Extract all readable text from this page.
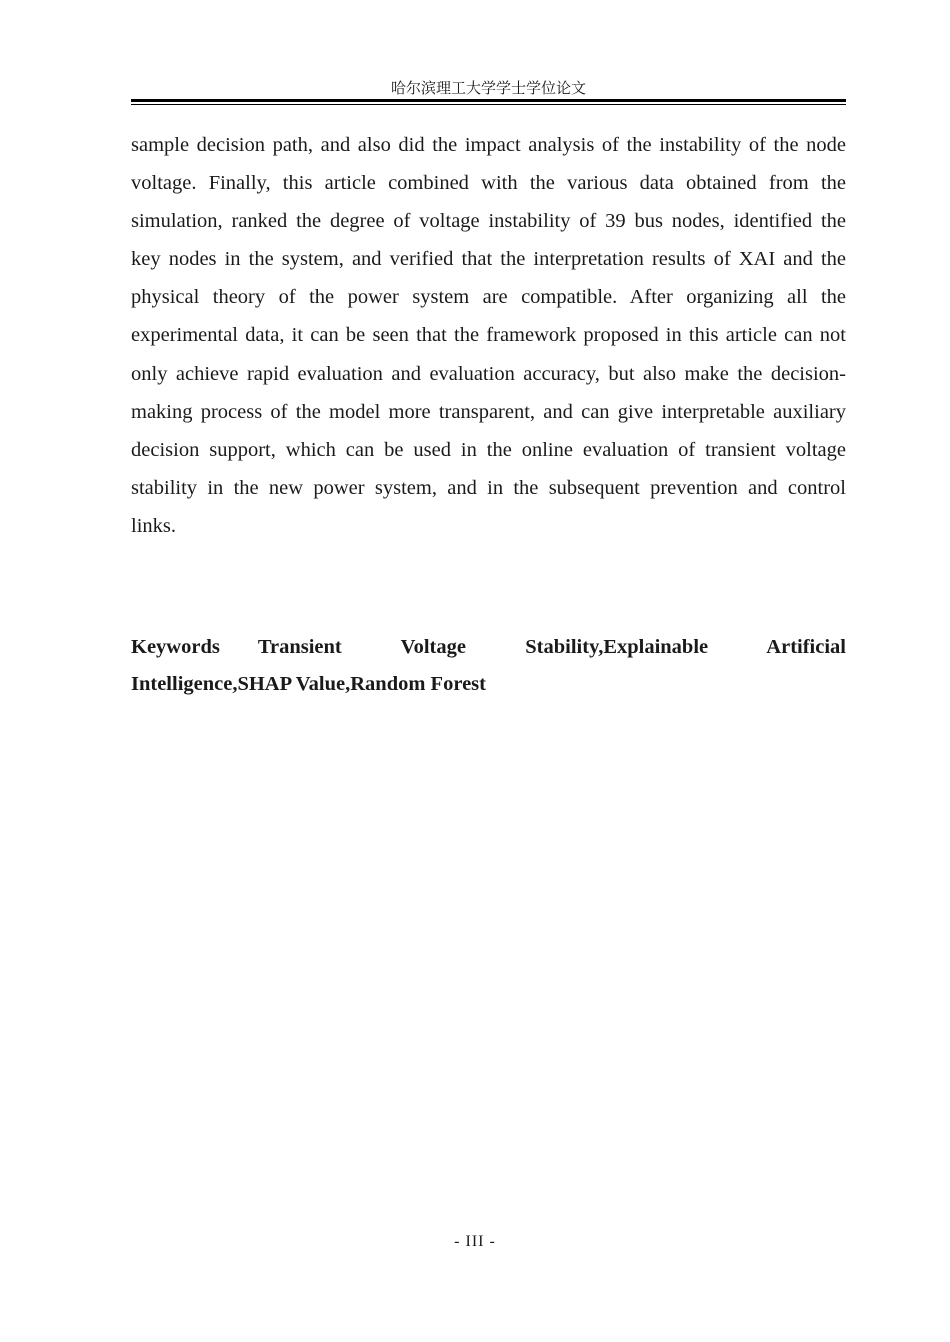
哈尔滨理工大学学士学位论文

sample decision path, and also did the impact analysis of the instability of the node voltage. Finally, this article combined with the various data obtained from the simulation, ranked the degree of voltage instability of 39 bus nodes, identified the key nodes in the system, and verified that the interpretation results of XAI and the physical theory of the power system are compatible. After organizing all the experimental data, it can be seen that the framework proposed in this article can not only achieve rapid evaluation and evaluation accuracy, but also make the decision-making process of the model more transparent, and can give interpretable auxiliary decision support, which can be used in the online evaluation of transient voltage stability in the new power system, and in the subsequent prevention and control links.

Keywords Transient Voltage Stability,Explainable Artificial Intelligence,SHAP Value,Random Forest

- III -
